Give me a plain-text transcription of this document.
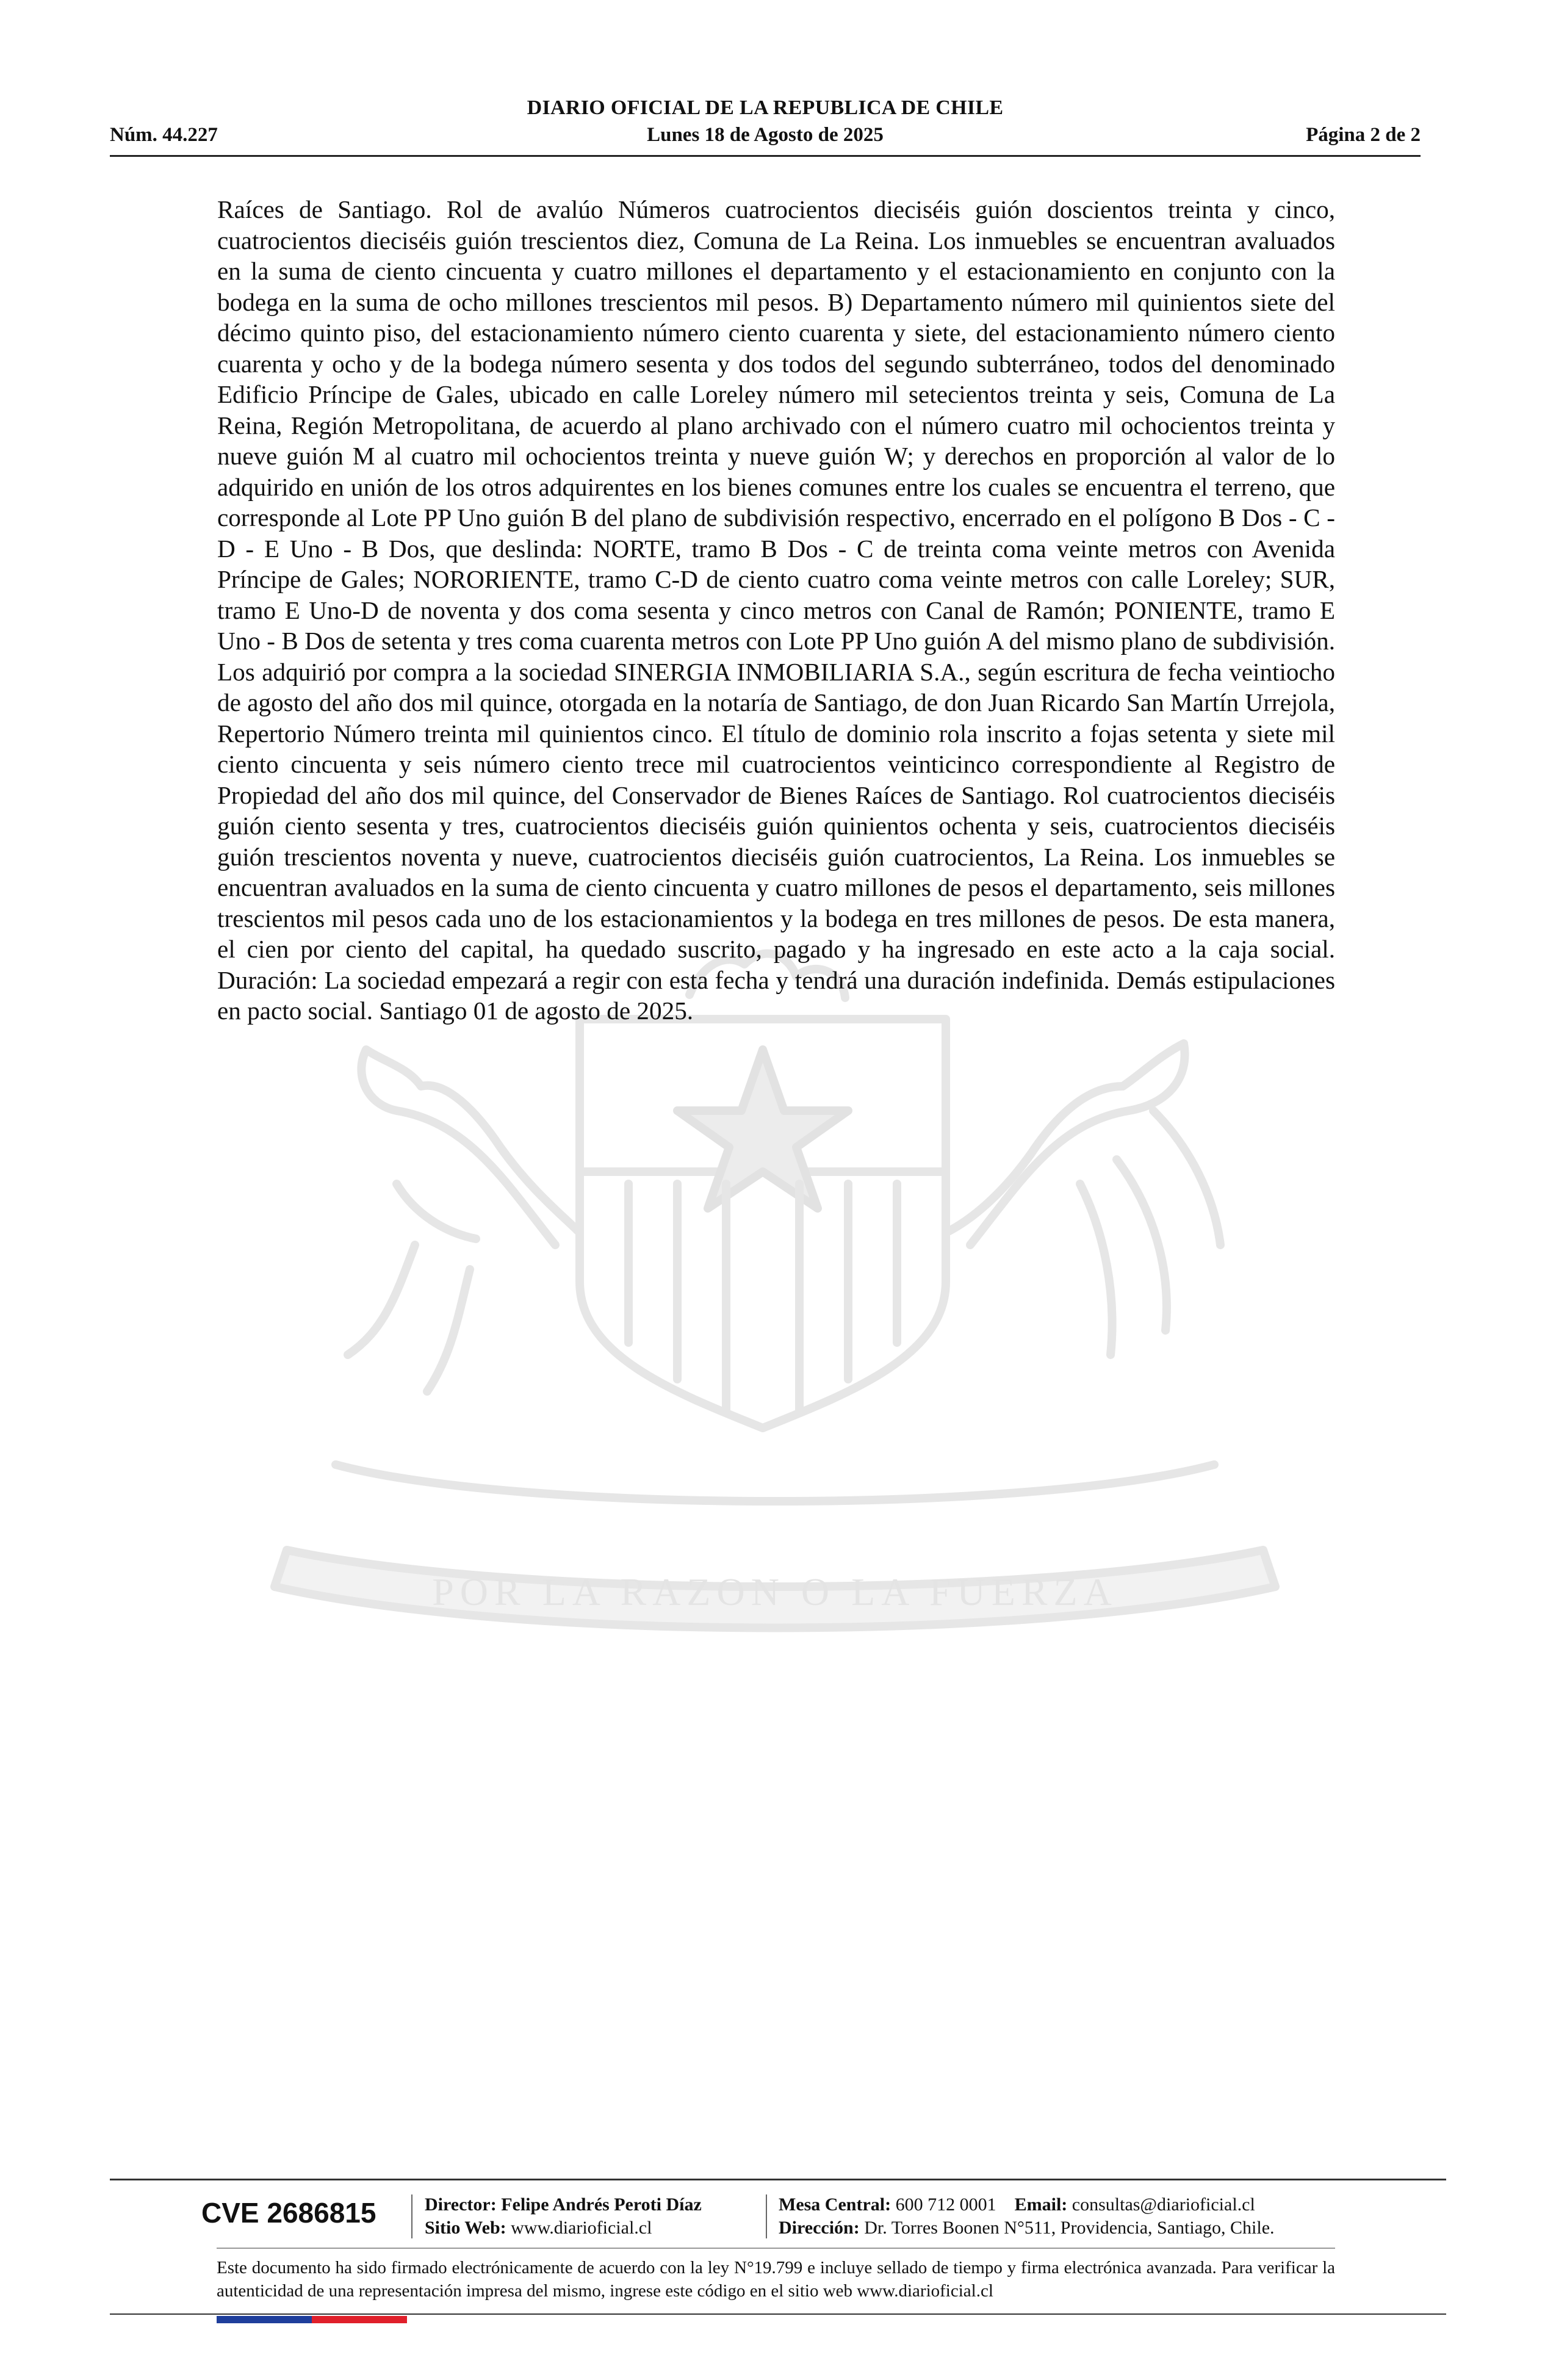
DIARIO OFICIAL DE LA REPUBLICA DE CHILE
Núm. 44.227	Lunes 18 de Agosto de 2025	Página 2 de 2
POR LA RAZON O LA FUERZA
Raíces de Santiago. Rol de avalúo Números cuatrocientos dieciséis guión doscientos treinta y cinco, cuatrocientos dieciséis guión trescientos diez, Comuna de La Reina. Los inmuebles se encuentran avaluados en la suma de ciento cincuenta y cuatro millones el departamento y el estacionamiento en conjunto con la bodega en la suma de ocho millones trescientos mil pesos. B) Departamento número mil quinientos siete del décimo quinto piso, del estacionamiento número ciento cuarenta y siete, del estacionamiento número ciento cuarenta y ocho y de la bodega número sesenta y dos todos del segundo subterráneo, todos del denominado Edificio Príncipe de Gales, ubicado en calle Loreley número mil setecientos treinta y seis, Comuna de La Reina, Región Metropolitana, de acuerdo al plano archivado con el número cuatro mil ochocientos treinta y nueve guión M al cuatro mil ochocientos treinta y nueve guión W; y derechos en proporción al valor de lo adquirido en unión de los otros adquirentes en los bienes comunes entre los cuales se encuentra el terreno, que corresponde al Lote PP Uno guión B del plano de subdivisión respectivo, encerrado en el polígono B Dos - C - D - E Uno - B Dos, que deslinda: NORTE, tramo B Dos - C de treinta coma veinte metros con Avenida Príncipe de Gales; NORORIENTE, tramo C-D de ciento cuatro coma veinte metros con calle Loreley; SUR, tramo E Uno-D de noventa y dos coma sesenta y cinco metros con Canal de Ramón; PONIENTE, tramo E Uno - B Dos de setenta y tres coma cuarenta metros con Lote PP Uno guión A del mismo plano de subdivisión. Los adquirió por compra a la sociedad SINERGIA INMOBILIARIA S.A., según escritura de fecha veintiocho de agosto del año dos mil quince, otorgada en la notaría de Santiago, de don Juan Ricardo San Martín Urrejola, Repertorio Número treinta mil quinientos cinco. El título de dominio rola inscrito a fojas setenta y siete mil ciento cincuenta y seis número ciento trece mil cuatrocientos veinticinco correspondiente al Registro de Propiedad del año dos mil quince, del Conservador de Bienes Raíces de Santiago. Rol cuatrocientos dieciséis guión ciento sesenta y tres, cuatrocientos dieciséis guión quinientos ochenta y seis, cuatrocientos dieciséis guión trescientos noventa y nueve, cuatrocientos dieciséis guión cuatrocientos, La Reina. Los inmuebles se encuentran avaluados en la suma de ciento cincuenta y cuatro millones de pesos el departamento, seis millones trescientos mil pesos cada uno de los estacionamientos y la bodega en tres millones de pesos. De esta manera, el cien por ciento del capital, ha quedado suscrito, pagado y ha ingresado en este acto a la caja social. Duración: La sociedad empezará a regir con esta fecha y tendrá una duración indefinida. Demás estipulaciones en pacto social. Santiago 01 de agosto de 2025.
CVE 2686815	Director: Felipe Andrés Peroti Díaz
Sitio Web: www.diarioficial.cl
Mesa Central: 600 712 0001 Email: consultas@diarioficial.cl
Dirección: Dr. Torres Boonen N°511, Providencia, Santiago, Chile.
Este documento ha sido firmado electrónicamente de acuerdo con la ley N°19.799 e incluye sellado de tiempo y firma electrónica avanzada. Para verificar la autenticidad de una representación impresa del mismo, ingrese este código en el sitio web www.diarioficial.cl
